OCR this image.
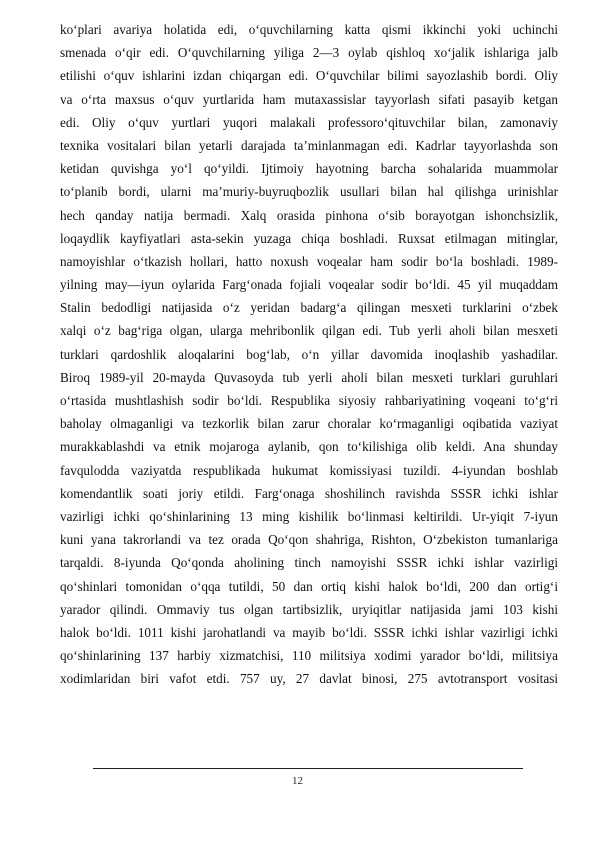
ko‘plari avariya holatida edi, o‘quvchilarning katta qismi ikkinchi yoki uchinchi
smenada o‘qir edi. O‘quvchilarning yiliga 2—3 oylab qishloq xo‘jalik ishlariga jalb
etilishi o‘quv ishlarini izdan chiqargan edi. O‘quvchilar bilimi sayozlashib bordi. Oliy
va o‘rta maxsus o‘quv yurtlarida ham mutaxassislar tayyorlash sifati pasayib ketgan
edi. Oliy o‘quv yurtlari yuqori malakali professoro‘qituvchilar bilan, zamonaviy
texnika vositalari bilan yetarli darajada ta’minlanmagan edi. Kadrlar tayyorlashda son
ketidan quvishga yo‘l qo‘yildi. Ijtimoiy hayotning barcha sohalarida muammolar
to‘planib bordi, ularni ma’muriy-buyruqbozlik usullari bilan hal qilishga urinishlar
hech qanday natija bermadi. Xalq orasida pinhona o‘sib borayotgan ishonchsizlik,
loqaydlik kayfiyatlari asta-sekin yuzaga chiqa boshladi. Ruxsat etilmagan mitinglar,
namoyishlar o‘tkazish hollari, hatto noxush voqealar ham sodir bo‘la boshladi. 1989-
yilning may—iyun oylarida Farg‘onada fojiali voqealar sodir bo‘ldi. 45 yil muqaddam
Stalin bedodligi natijasida o‘z yeridan badarg‘a qilingan mesxeti turklarini o‘zbek
xalqi o‘z bag‘riga olgan, ularga mehribonlik qilgan edi. Tub yerli aholi bilan mesxeti
turklari qardoshlik aloqalarini bog‘lab, o‘n yillar davomida inoqlashib yashadilar.
Biroq 1989-yil 20-mayda Quvasoyda tub yerli aholi bilan mesxeti turklari guruhlari
o‘rtasida mushtlashish sodir bo‘ldi. Respublika siyosiy rahbariyatining voqeani to‘g‘ri
baholay olmaganligi va tezkorlik bilan zarur choralar ko‘rmaganligi oqibatida vaziyat
murakkablashdi va etnik mojaroga aylanib, qon to‘kilishiga olib keldi. Ana shunday
favqulodda vaziyatda respublikada hukumat komissiyasi tuzildi. 4-iyundan boshlab
komendantlik soati joriy etildi. Farg‘onaga shoshilinch ravishda SSSR ichki ishlar
vazirligi ichki qo‘shinlarining 13 ming kishilik bo‘linmasi keltirildi. Ur-yiqit 7-iyun
kuni yana takrorlandi va tez orada Qo‘qon shahriga, Rishton, O‘zbekiston tumanlariga
tarqaldi. 8-iyunda Qo‘qonda aholining tinch namoyishi SSSR ichki ishlar vazirligi
qo‘shinlari tomonidan o‘qqa tutildi, 50 dan ortiq kishi halok bo‘ldi, 200 dan ortig‘i
yarador qilindi. Ommaviy tus olgan tartibsizlik, uryiqitlar natijasida jami 103 kishi
halok bo‘ldi. 1011 kishi jarohatlandi va mayib bo‘ldi. SSSR ichki ishlar vazirligi ichki
qo‘shinlarining 137 harbiy xizmatchisi, 110 militsiya xodimi yarador bo‘ldi, militsiya
xodimlaridan biri vafot etdi. 757 uy, 27 davlat binosi, 275 avtotransport vositasi
12
